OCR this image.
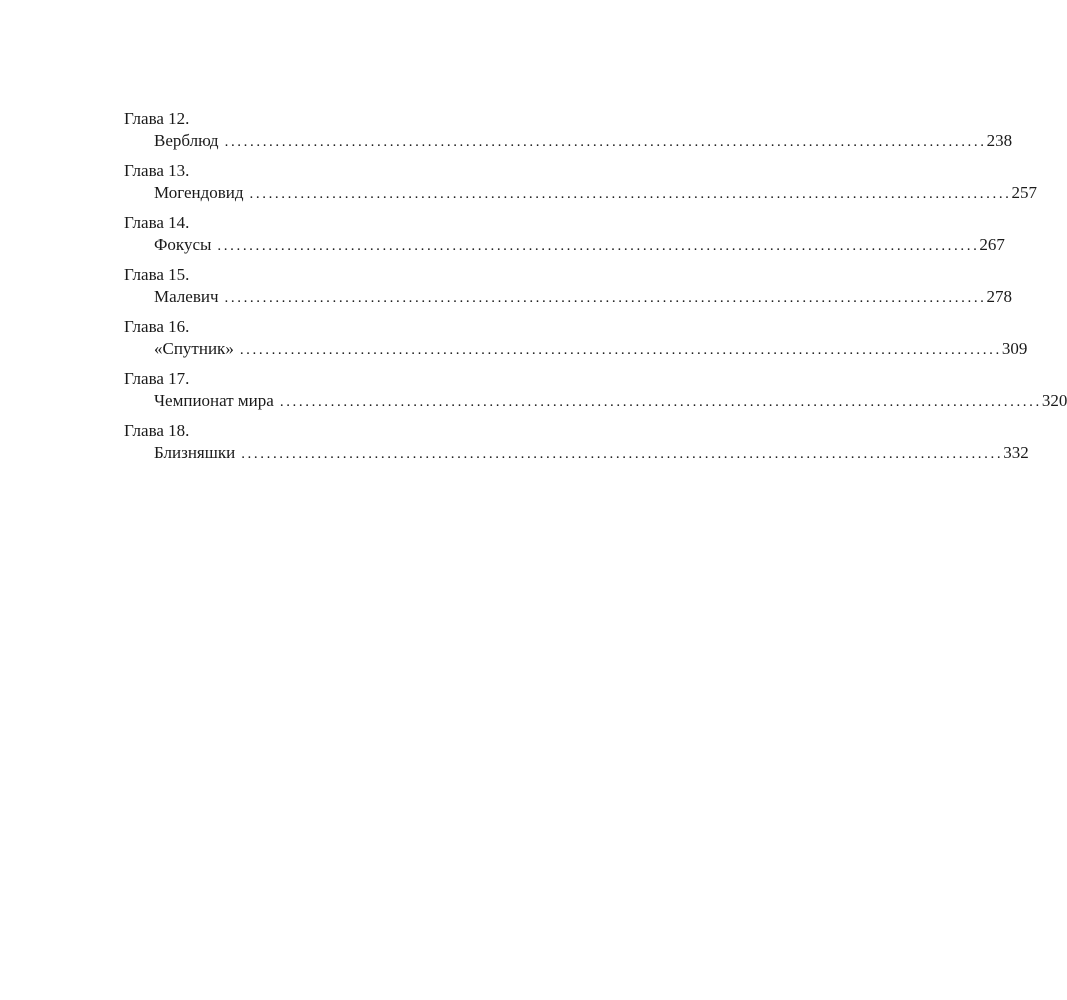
Глава 12.
Верблюд ........................................................................................................................ 238
Глава 13.
Могендовид ........................................................................................................................ 257
Глава 14.
Фокусы ........................................................................................................................ 267
Глава 15.
Малевич ........................................................................................................................ 278
Глава 16.
«Спутник» ........................................................................................................................ 309
Глава 17.
Чемпионат мира ........................................................................................................................ 320
Глава 18.
Близняшки ........................................................................................................................ 332
